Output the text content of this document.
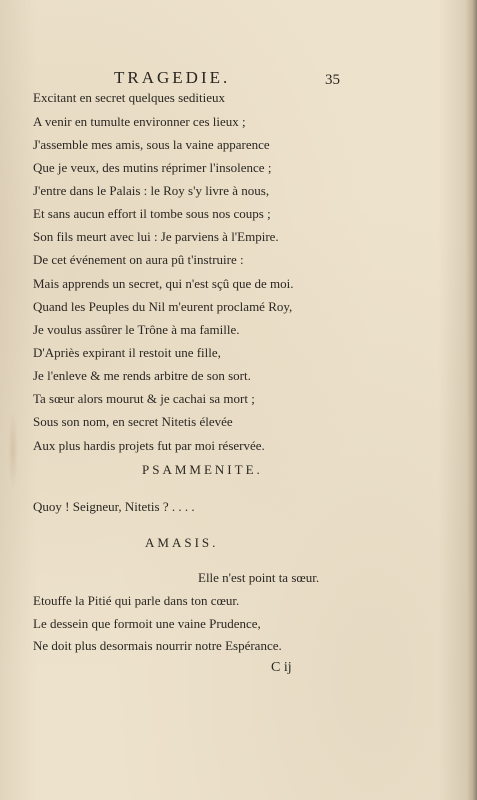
TRAGEDIE.	35
Excitant en secret quelques seditieux
A venir en tumulte environner ces lieux ;
J'assemble mes amis, sous la vaine apparence
Que je veux, des mutins réprimer l'insolence ;
J'entre dans le Palais : le Roy s'y livre à nous,
Et sans aucun effort il tombe sous nos coups ;
Son fils meurt avec lui : Je parviens à l'Empire.
De cet événement on aura pû t'instruire :
Mais apprends un secret, qui n'est sçû que de moi.
Quand les Peuples du Nil m'eurent proclamé Roy,
Je voulus assûrer le Trône à ma famille.
D'Apriès expirant il restoit une fille,
Je l'enleve & me rends arbitre de son sort.
Ta sœur alors mourut & je cachai sa mort ;
Sous son nom, en secret Nitetis élevée
Aux plus hardis projets fut par moi réservée.
PSAMMENITE.
Quoy ! Seigneur, Nitetis ? . . . .
AMASIS.
Elle n'est point ta sœur.
Etouffe la Pitié qui parle dans ton cœur.
Le dessein que formoit une vaine Prudence,
Ne doit plus desormais nourrir notre Espérance.
C ij
